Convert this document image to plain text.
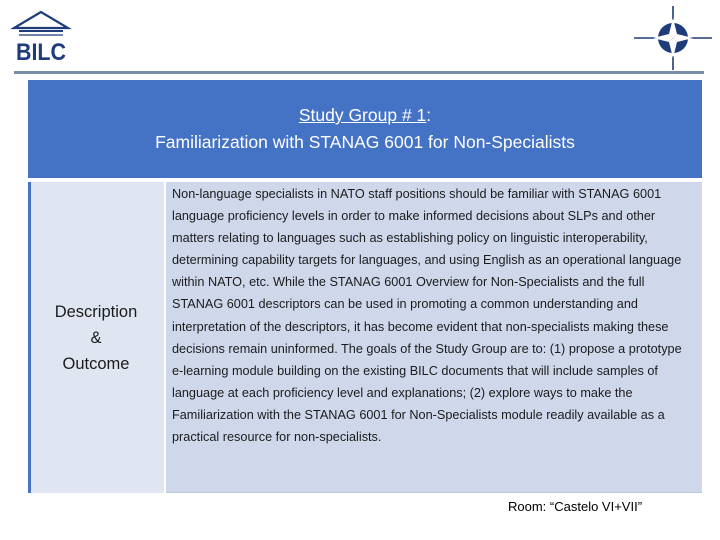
BILC
Study Group # 1:
Familiarization with STANAG 6001 for Non-Specialists
Description
&
Outcome
Non-language specialists in NATO staff positions should be familiar with STANAG 6001 language proficiency levels in order to make informed decisions about SLPs and other matters relating to languages such as establishing policy on linguistic interoperability, determining capability targets for languages, and using English as an operational language within NATO, etc. While the STANAG 6001 Overview for Non-Specialists and the full STANAG 6001 descriptors can be used in promoting a common understanding and interpretation of the descriptors, it has become evident that non-specialists making these decisions remain uninformed. The goals of the Study Group are to: (1) propose a prototype e-learning module building on the existing BILC documents that will include samples of language at each proficiency level and explanations; (2) explore ways to make the Familiarization with the STANAG 6001 for Non-Specialists module readily available as a practical resource for non-specialists.
Room: “Castelo VI+VII”
